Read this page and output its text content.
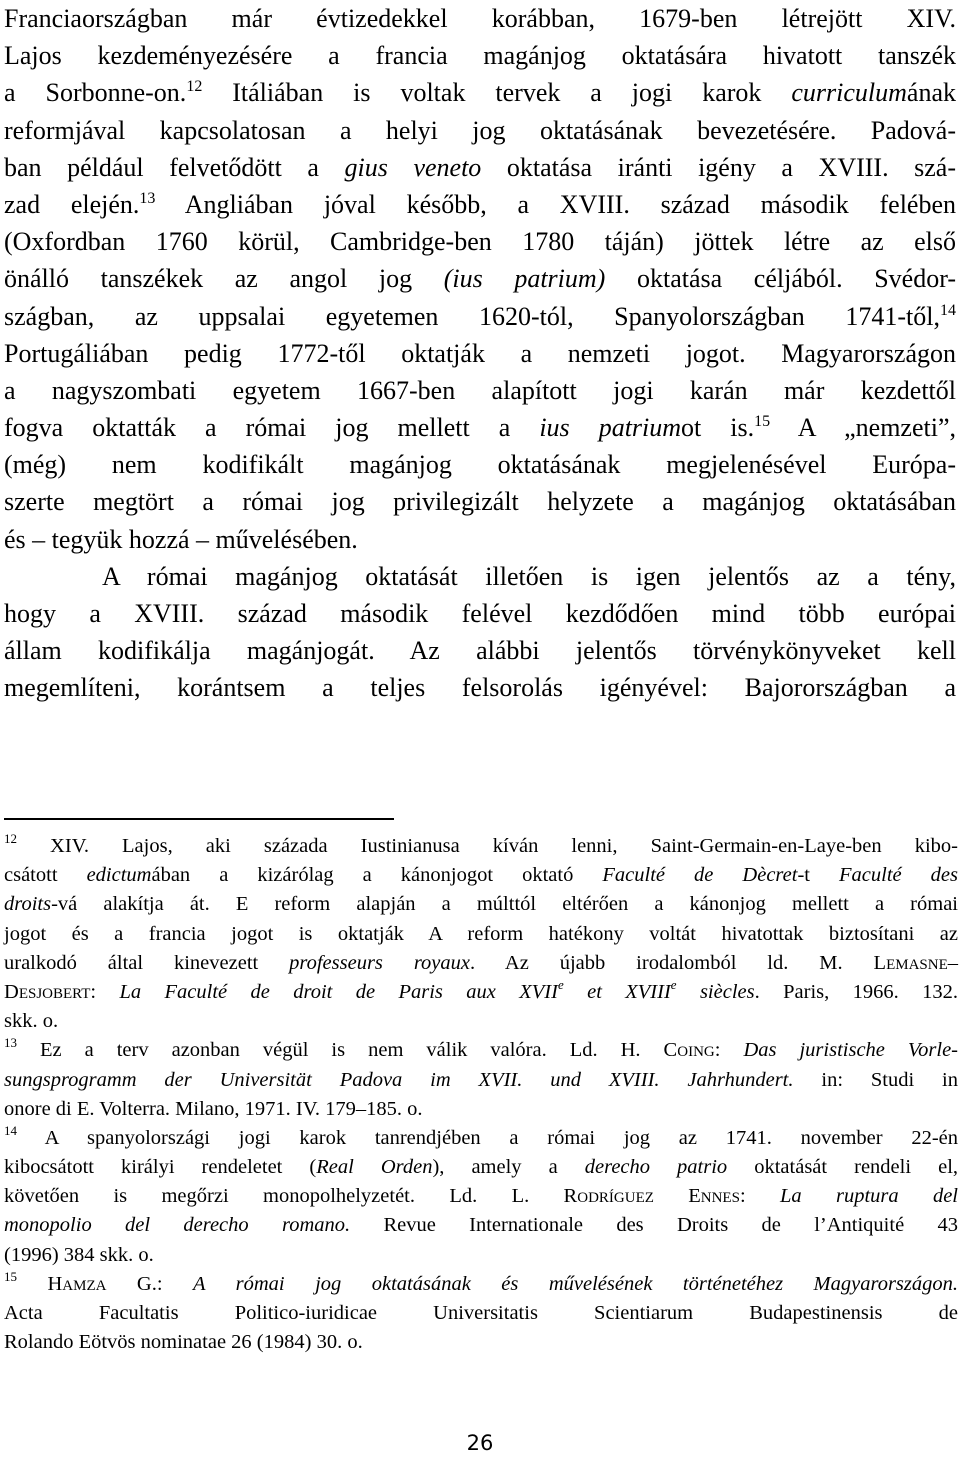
Franciaországban már évtizedekkel korábban, 1679-ben létrejött XIV.
Lajos kezdeményezésére a francia magánjog oktatására hivatott tanszék
a Sorbonne-on.$^{12}$ Itáliában is voltak tervek a jogi karok curriculumának
reformjával kapcsolatosan a helyi jog oktatásának bevezetésére. Padová-
ban például felvetődött a gius veneto oktatása iránti igény a XVIII. szá-
zad elején.$^{13}$ Angliában jóval később, a XVIII. század második felében
(Oxfordban 1760 körül, Cambridge-ben 1780 táján) jöttek létre az első
önálló tanszékek az angol jog (ius patrium) oktatása céljából. Svédor-
szágban, az uppsalai egyetemen 1620-tól, Spanyolországban 1741-től,$^{14}$
Portugáliában pedig 1772-től oktatják a nemzeti jogot. Magyarországon
a nagyszombati egyetem 1667-ben alapított jogi karán már kezdettől
fogva oktatták a római jog mellett a ius patriumot is.$^{15}$ A „nemzeti”,
(még) nem kodifikált magánjog oktatásának megjelenésével Európa-
szerte megtört a római jog privilegizált helyzete a magánjog oktatásában
és – tegyük hozzá – művelésében.
A római magánjog oktatását illetően is igen jelentős az a tény,
hogy a XVIII. század második felével kezdődően mind több európai
állam kodifikálja magánjogát. Az alábbi jelentős törvénykönyveket kell
megemlíteni, korántsem a teljes felsorolás igényével: Bajorországban a
$^{12}$ XIV. Lajos, aki százada Iustinianusa kíván lenni, Saint-Germain-en-Laye-ben kibo-
csátott edictumában a kizárólag a kánonjogot oktató Faculté de Dècret-t Faculté des
droits-vá alakítja át. E reform alapján a múlttól eltérően a kánonjog mellett a római
jogot és a francia jogot is oktatják A reform hatékony voltát hivatottak biztosítani az
uralkodó által kinevezett professeurs royaux. Az újabb irodalomból ld. M. LEMASNE–
DESJOBERT: La Faculté de droit de Paris aux XVIIe et XVIIIe siècles. Paris, 1966. 132.
skk. o.
$^{13}$ Ez a terv azonban végül is nem válik valóra. Ld. H. COING: Das juristische Vorle-
sungsprogramm der Universität Padova im XVII. und XVIII. Jahrhundert. in: Studi in
onore di E. Volterra. Milano, 1971. IV. 179–185. o.
$^{14}$ A spanyolországi jogi karok tanrendjében a római jog az 1741. november 22-én
kibocsátott királyi rendeletet (Real Orden), amely a derecho patrio oktatását rendeli el,
követően is megőrzi monopolhelyzetét. Ld. L. RODRÍGUEZ ENNES: La ruptura del
monopolio del derecho romano. Revue Internationale des Droits de l’Antiquité 43
(1996) 384 skk. o.
$^{15}$ HAMZA G.: A római jog oktatásának és művelésének történetéhez Magyarországon.
Acta Facultatis Politico-iuridicae Universitatis Scientiarum Budapestinensis de
Rolando Eötvös nominatae 26 (1984) 30. o.
26
